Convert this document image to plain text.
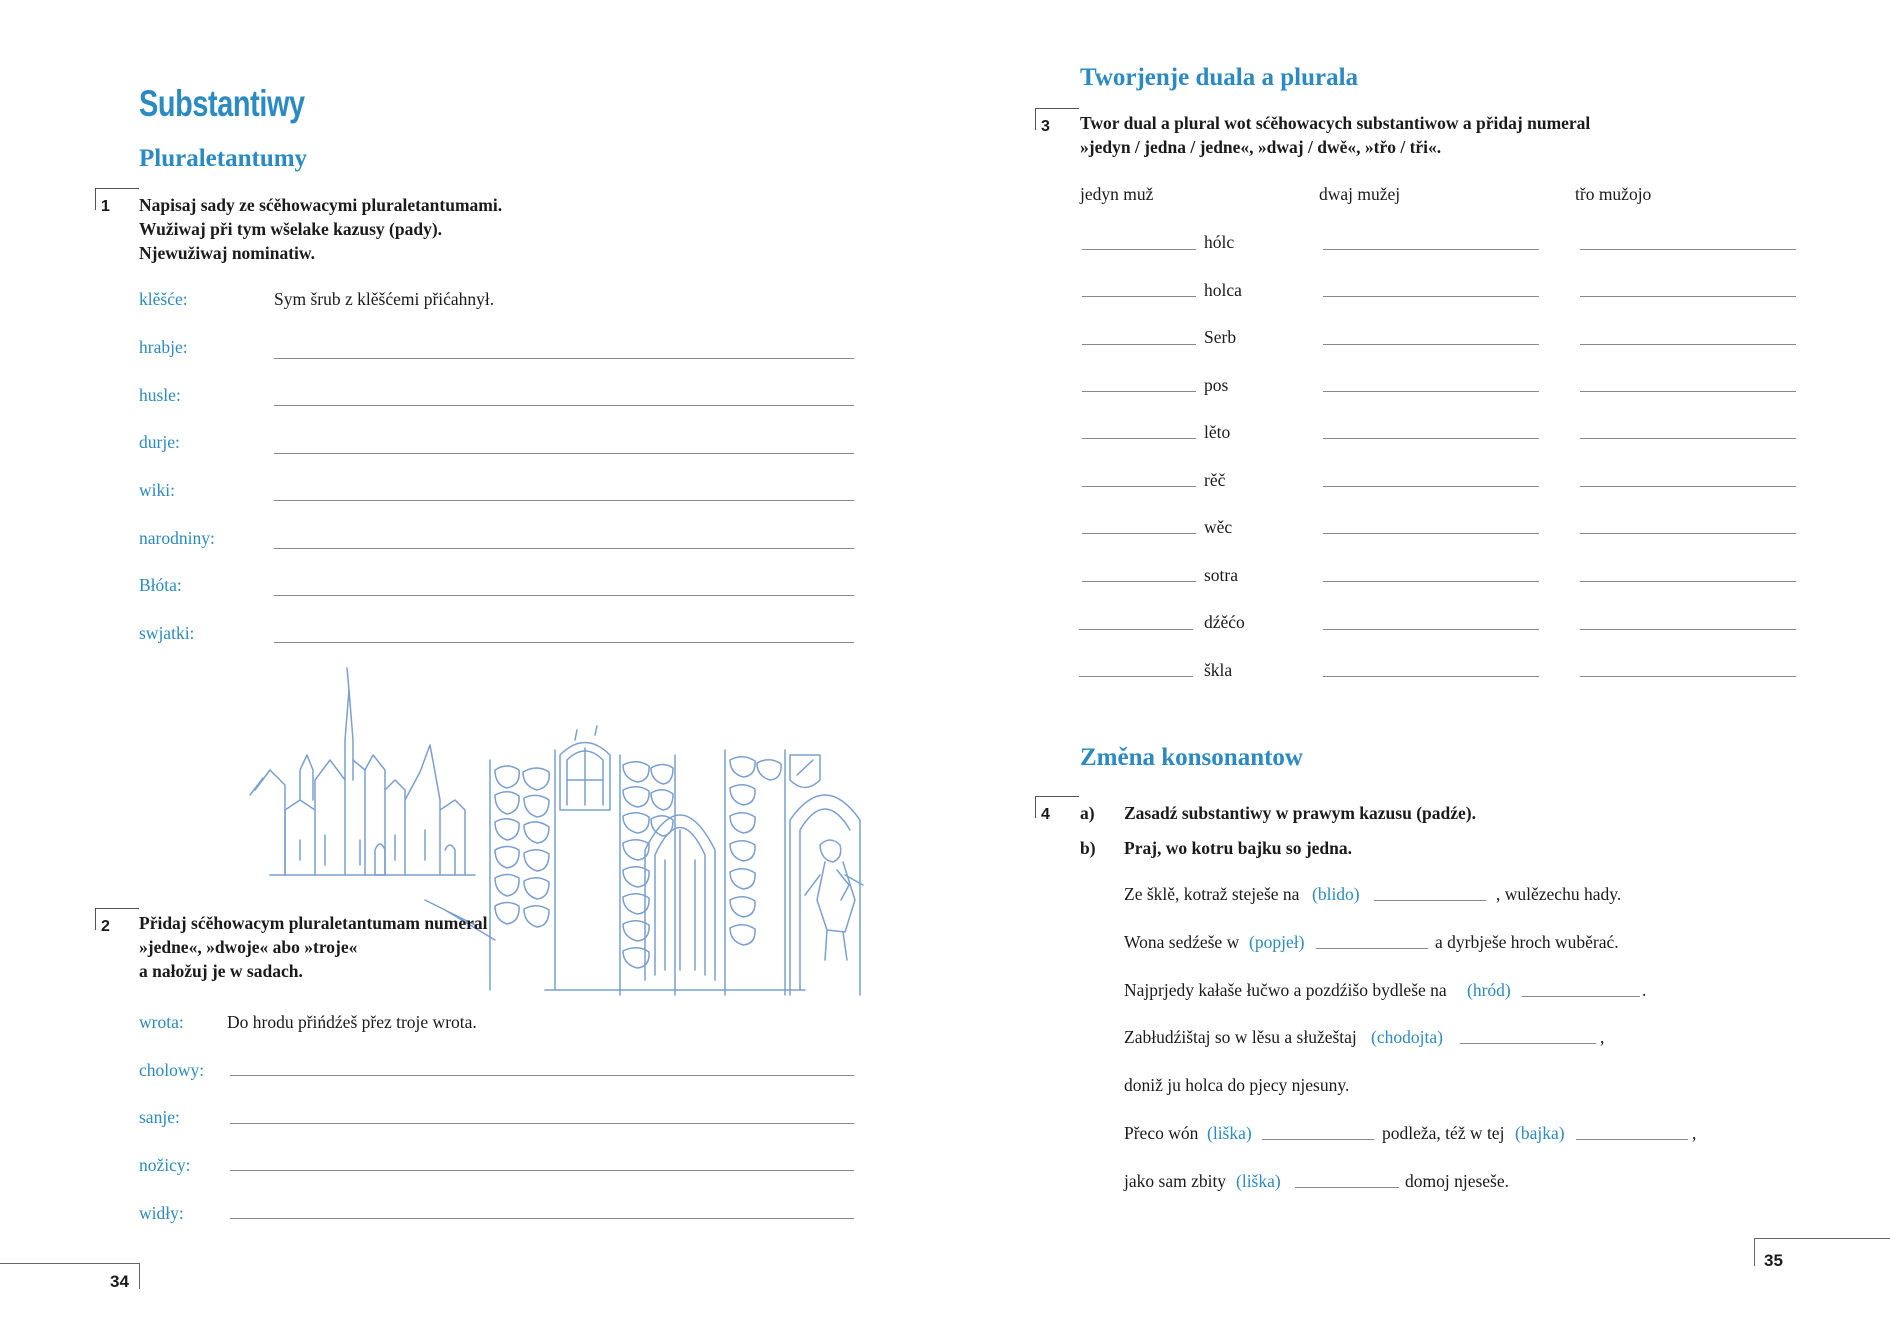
Substantiwy
Pluraletantumy
1 Napisaj sady ze sćěhowacymi pluraletantumami.
Wužiwaj při tym wšelake kazusy (pady).
Njewužiwaj nominatiw.
klěšće:	Sym šrub z klěšćemi přićahnył.
hrabje:
husle:
durje:
wiki:
narodniny:
Błóta:
swjatki:
2 Přidaj sćěhowacym pluraletantumam numeral
»jedne«, »dwoje« abo »troje«
a nałožuj je w sadach.
wrota: Do hrodu přińdźeš přez troje wrota.
cholowy:
sanje:
nožicy:
widły:
34
Tworjenje duala a plurala
3 Twor dual a plural wot sćěhowacych substantiwow a přidaj numeral
»jedyn / jedna / jedne«, »dwaj / dwě«, »třo / tři«.
jedyn muž	dwaj mužej	třo mužojo
hólc
holca
Serb
pos
lěto
rěč
wěc
sotra
dźěćo
škla
Změna konsonantow
4 a) Zasadź substantiwy w prawym kazusu (padźe).
b) Praj, wo kotru bajku so jedna.
Ze šklě, kotraž steješe na (blido)	, wulězechu hady.
Wona sedźeše w (popjeł)	a dyrbješe hroch wuběrać.
Najprjedy kałaše łučwo a pozdźišo bydleše na (hród)	.
Zabłudźištaj so w lěsu a słužeštaj (chodojta)	,
doniž ju holca do pjecy njesuny.
Přeco wón (liška)	podleža, též w tej (bajka)	,
jako sam zbity (liška)	domoj njeseše.
35
